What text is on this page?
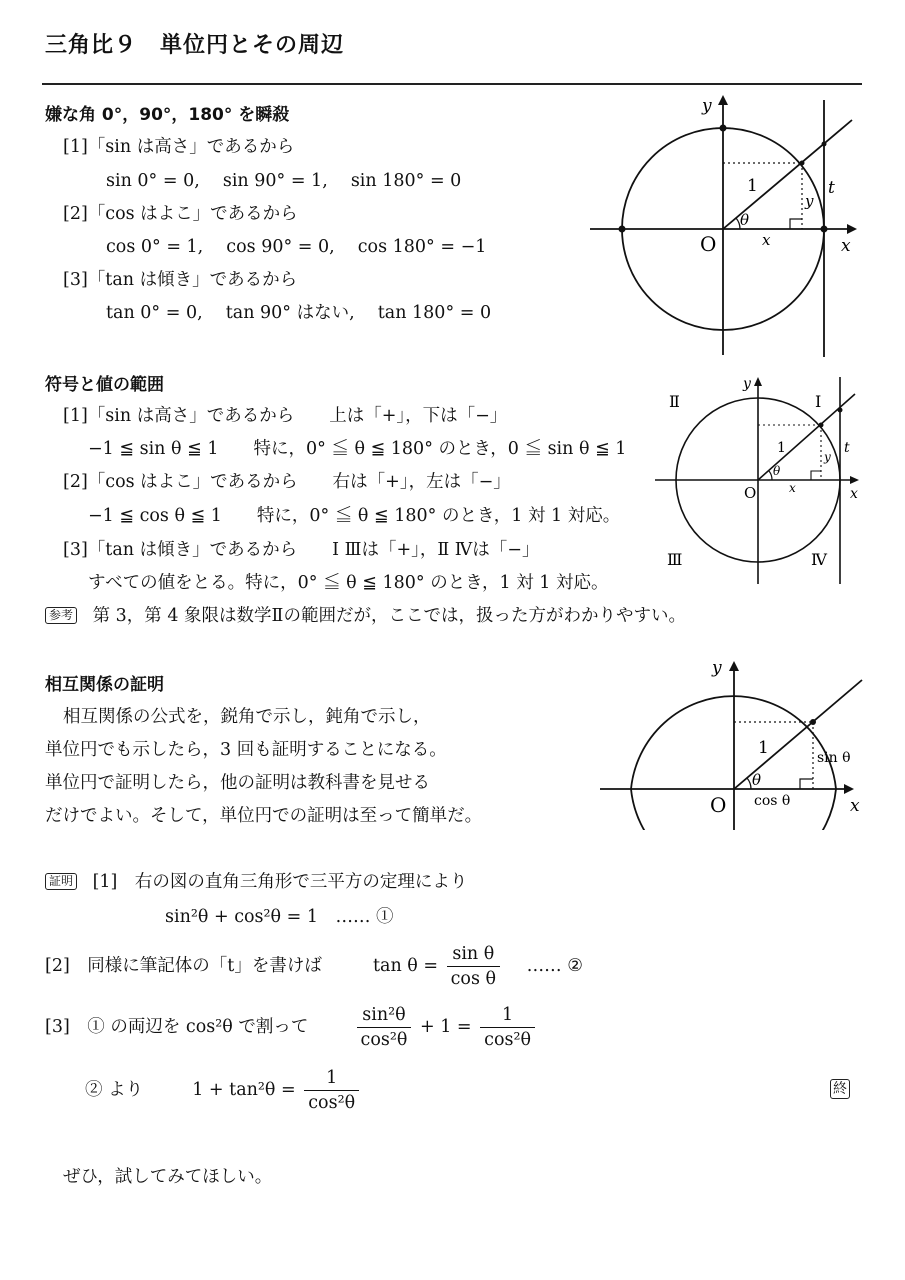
三角比９　単位円とその周辺
嫌な角 0°，90°，180° を瞬殺
[1]「sin は高さ」であるから
sin 0° = 0,　 sin 90° = 1,　 sin 180° = 0
[2]「cos はよこ」であるから
cos 0° = 1,　 cos 90° = 0,　 cos 180° = −1
[3]「tan は傾き」であるから
tan 0° = 0,　 tan 90° はない,　 tan 180° = 0
y
x
O
1
θ
x
y
t
符号と値の範囲
[1]「sin は高さ」であるから　　上は「+」，下は「−」
−1 ≦ sin θ ≦ 1　　特に，0° ≦ θ ≦ 180° のとき，0 ≦ sin θ ≦ 1
[2]「cos はよこ」であるから　　右は「+」，左は「−」
−1 ≦ cos θ ≦ 1　　特に，0° ≦ θ ≦ 180° のとき，1 対 1 対応。
[3]「tan は傾き」であるから　　Ⅰ Ⅲは「+」，Ⅱ Ⅳは「−」
すべての値をとる。特に，0° ≦ θ ≦ 180° のとき，1 対 1 対応。
参考 第 3，第 4 象限は数学Ⅱの範囲だが，ここでは，扱った方がわかりやすい。
y
x
O
1
θ
x
y
t
Ⅰ
Ⅱ
Ⅲ	Ⅳ
相互関係の証明
相互関係の公式を，鋭角で示し，鈍角で示し，
単位円でも示したら，3 回も証明することになる。
単位円で証明したら，他の証明は教科書を見せる
だけでよい。そして，単位円での証明は至って簡単だ。
y
x
O
1
θ
cos θ
sin θ
証明 [1]　右の図の直角三角形で三平方の定理により
sin²θ + cos²θ = 1　…… ①
[2]　同様に筆記体の「t」を書けば	$\tan \theta = \frac{\text{sin θ}}{\text{cos θ}}$ …… ②
[3]　① の両辺を cos²θ で割って	$\frac{\text{sin²θ}}{\text{cos²θ}} + 1 = \frac{1}{\text{cos²θ}}$
② より	$1 + \tan^2\theta = \frac{1}{\text{cos²θ}}$	終
ぜひ，試してみてほしい。
